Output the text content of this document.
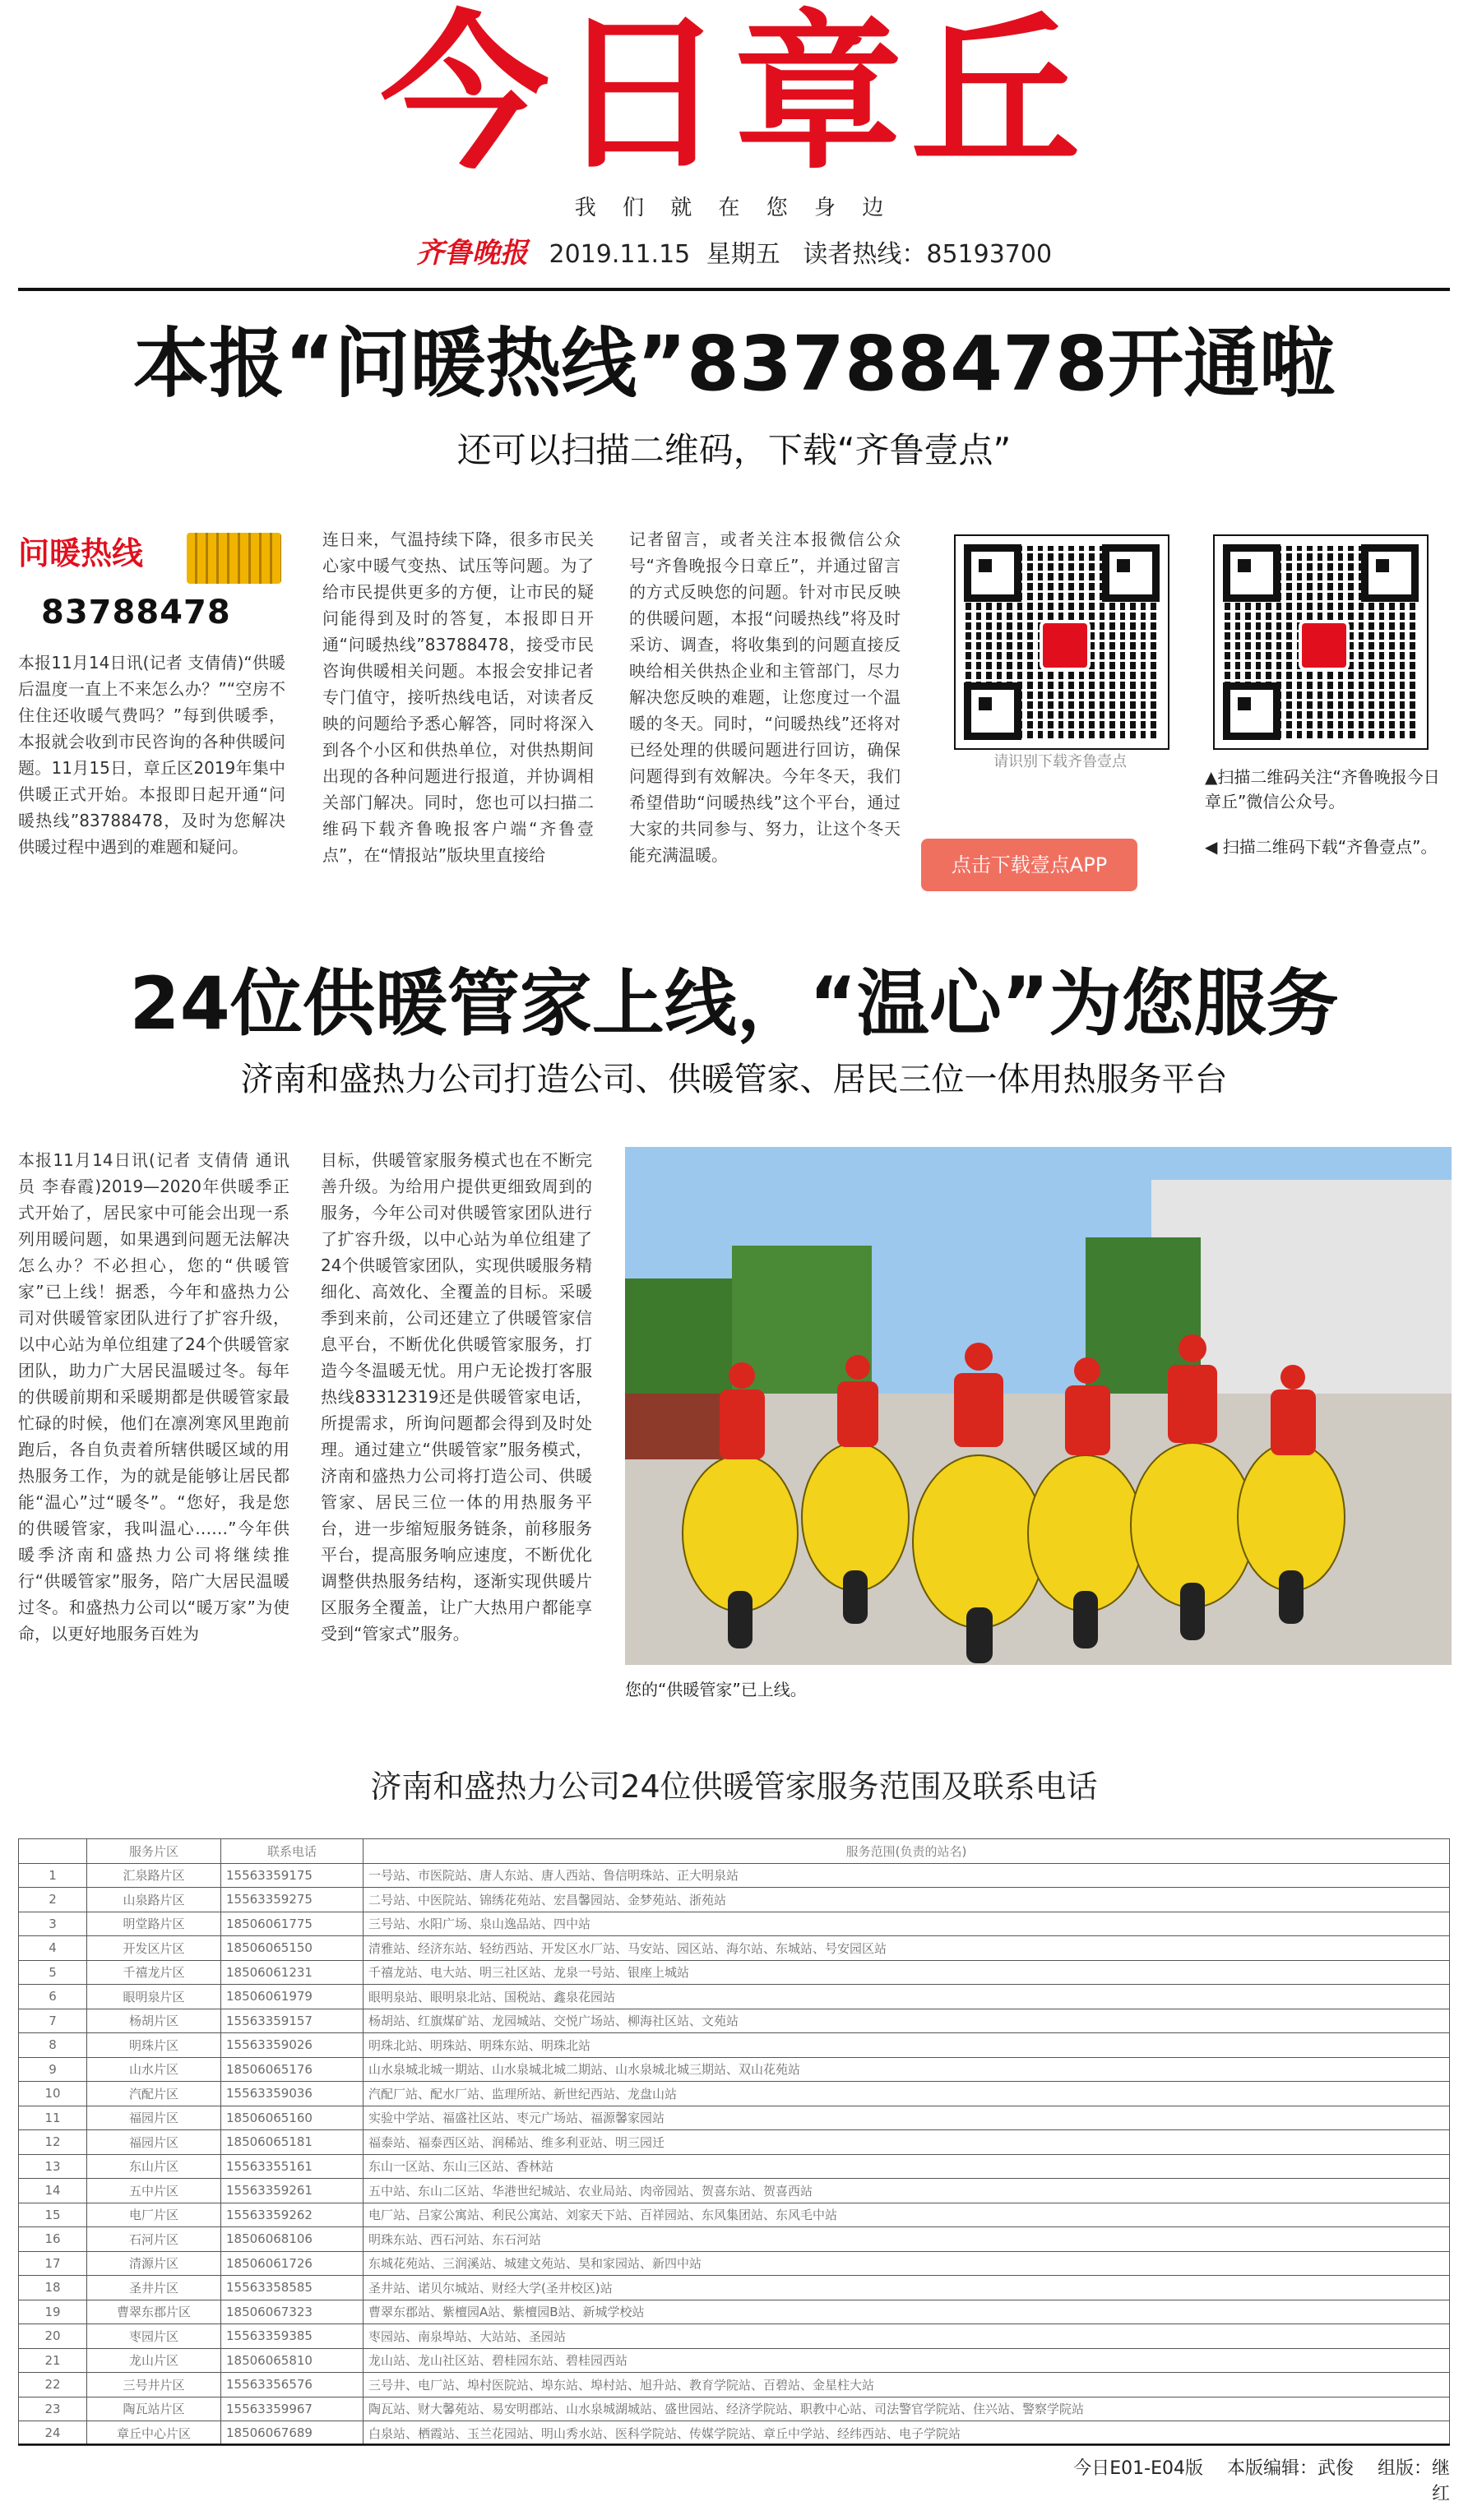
今日章丘
我 们 就 在 您 身 边
齐鲁晚报 2019.11.15 星期五 读者热线：85193700
本报“问暖热线”83788478开通啦
还可以扫描二维码，下载“齐鲁壹点”
问暖热线
83788478
本报11月14日讯(记者 支倩倩)“供暖后温度一直上不来怎么办？”“空房不住住还收暖气费吗？”每到供暖季，本报就会收到市民咨询的各种供暖问题。11月15日，章丘区2019年集中供暖正式开始。本报即日起开通“问暖热线”83788478，及时为您解决供暖过程中遇到的难题和疑问。
连日来，气温持续下降，很多市民关心家中暖气变热、试压等问题。为了给市民提供更多的方便，让市民的疑问能得到及时的答复，本报即日开通“问暖热线”83788478，接受市民咨询供暖相关问题。本报会安排记者专门值守，接听热线电话，对读者反映的问题给予悉心解答，同时将深入到各个小区和供热单位，对供热期间出现的各种问题进行报道，并协调相关部门解决。同时，您也可以扫描二维码下载齐鲁晚报客户端“齐鲁壹点”，在“情报站”版块里直接给
记者留言，或者关注本报微信公众号“齐鲁晚报今日章丘”，并通过留言的方式反映您的问题。针对市民反映的供暖问题，本报“问暖热线”将及时采访、调查，将收集到的问题直接反映给相关供热企业和主管部门，尽力解决您反映的难题，让您度过一个温暖的冬天。同时，“问暖热线”还将对已经处理的供暖问题进行回访，确保问题得到有效解决。今年冬天，我们希望借助“问暖热线”这个平台，通过大家的共同参与、努力，让这个冬天能充满温暖。
请识别下载齐鲁壹点
点击下载壹点APP
▲扫描二维码关注“齐鲁晚报今日章丘”微信公众号。
◀ 扫描二维码下载“齐鲁壹点”。
24位供暖管家上线，“温心”为您服务
济南和盛热力公司打造公司、供暖管家、居民三位一体用热服务平台
本报11月14日讯(记者 支倩倩 通讯员 李春霞)2019—2020年供暖季正式开始了，居民家中可能会出现一系列用暖问题，如果遇到问题无法解决怎么办？不必担心，您的“供暖管家”已上线！据悉，今年和盛热力公司对供暖管家团队进行了扩容升级，以中心站为单位组建了24个供暖管家团队，助力广大居民温暖过冬。每年的供暖前期和采暖期都是供暖管家最忙碌的时候，他们在凛冽寒风里跑前跑后，各自负责着所辖供暖区域的用热服务工作，为的就是能够让居民都能“温心”过“暖冬”。“您好，我是您的供暖管家，我叫温心……”今年供暖季济南和盛热力公司将继续推行“供暖管家”服务，陪广大居民温暖过冬。和盛热力公司以“暖万家”为使命，以更好地服务百姓为
目标，供暖管家服务模式也在不断完善升级。为给用户提供更细致周到的服务，今年公司对供暖管家团队进行了扩容升级，以中心站为单位组建了24个供暖管家团队，实现供暖服务精细化、高效化、全覆盖的目标。采暖季到来前，公司还建立了供暖管家信息平台，不断优化供暖管家服务，打造今冬温暖无忧。用户无论拨打客服热线83312319还是供暖管家电话，所提需求，所询问题都会得到及时处理。通过建立“供暖管家”服务模式，济南和盛热力公司将打造公司、供暖管家、居民三位一体的用热服务平台，进一步缩短服务链条，前移服务平台，提高服务响应速度，不断优化调整供热服务结构，逐渐实现供暖片区服务全覆盖，让广大热用户都能享受到“管家式”服务。
您的“供暖管家”已上线。
济南和盛热力公司24位供暖管家服务范围及联系电话
	服务片区	联系电话	服务范围(负责的站名)
1	汇泉路片区	15563359175	一号站、市医院站、唐人东站、唐人西站、鲁信明珠站、正大明泉站
2	山泉路片区	15563359275	二号站、中医院站、锦绣花苑站、宏昌馨园站、金梦苑站、浙苑站
3	明堂路片区	18506061775	三号站、水阳广场、泉山逸品站、四中站
4	开发区片区	18506065150	清雅站、经济东站、轻纺西站、开发区水厂站、马安站、园区站、海尔站、东城站、号安园区站
5	千禧龙片区	18506061231	千禧龙站、电大站、明三社区站、龙泉一号站、银座上城站
6	眼明泉片区	18506061979	眼明泉站、眼明泉北站、国税站、鑫泉花园站
7	杨胡片区	15563359157	杨胡站、红旗煤矿站、龙园城站、交悦广场站、柳海社区站、文苑站
8	明珠片区	15563359026	明珠北站、明珠站、明珠东站、明珠北站
9	山水片区	18506065176	山水泉城北城一期站、山水泉城北城二期站、山水泉城北城三期站、双山花苑站
10	汽配片区	15563359036	汽配厂站、配水厂站、监理所站、新世纪西站、龙盘山站
11	福园片区	18506065160	实验中学站、福盛社区站、枣元广场站、福源馨家园站
12	福园片区	18506065181	福泰站、福泰西区站、润稀站、维多利亚站、明三园迁
13	东山片区	15563355161	东山一区站、东山三区站、香林站
14	五中片区	15563359261	五中站、东山二区站、华港世纪城站、农业局站、肉帝园站、贺喜东站、贺喜西站
15	电厂片区	15563359262	电厂站、吕家公寓站、利民公寓站、刘家天下站、百祥园站、东风集团站、东风毛中站
16	石河片区	18506068106	明珠东站、西石河站、东石河站
17	清源片区	18506061726	东城花苑站、三润溪站、城建文苑站、昊和家园站、新四中站
18	圣井片区	15563358585	圣井站、诺贝尔城站、财经大学(圣井校区)站
19	曹翠东郡片区	18506067323	曹翠东郡站、紫檀园A站、紫檀园B站、新城学校站
20	枣园片区	15563359385	枣园站、南泉埠站、大站站、圣园站
21	龙山片区	18506065810	龙山站、龙山社区站、碧桂园东站、碧桂园西站
22	三号井片区	15563356576	三号井、电厂站、埠村医院站、埠东站、埠村站、旭升站、教育学院站、百碧站、金星柱大站
23	陶瓦站片区	15563359967	陶瓦站、财大馨苑站、易安明郡站、山水泉城湖城站、盛世园站、经济学院站、职教中心站、司法警官学院站、住兴站、警察学院站
24	章丘中心片区	18506067689	白泉站、栖霞站、玉兰花园站、明山秀水站、医科学院站、传媒学院站、章丘中学站、经纬西站、电子学院站
今日E01-E04版 本版编辑：武俊 组版：继红
